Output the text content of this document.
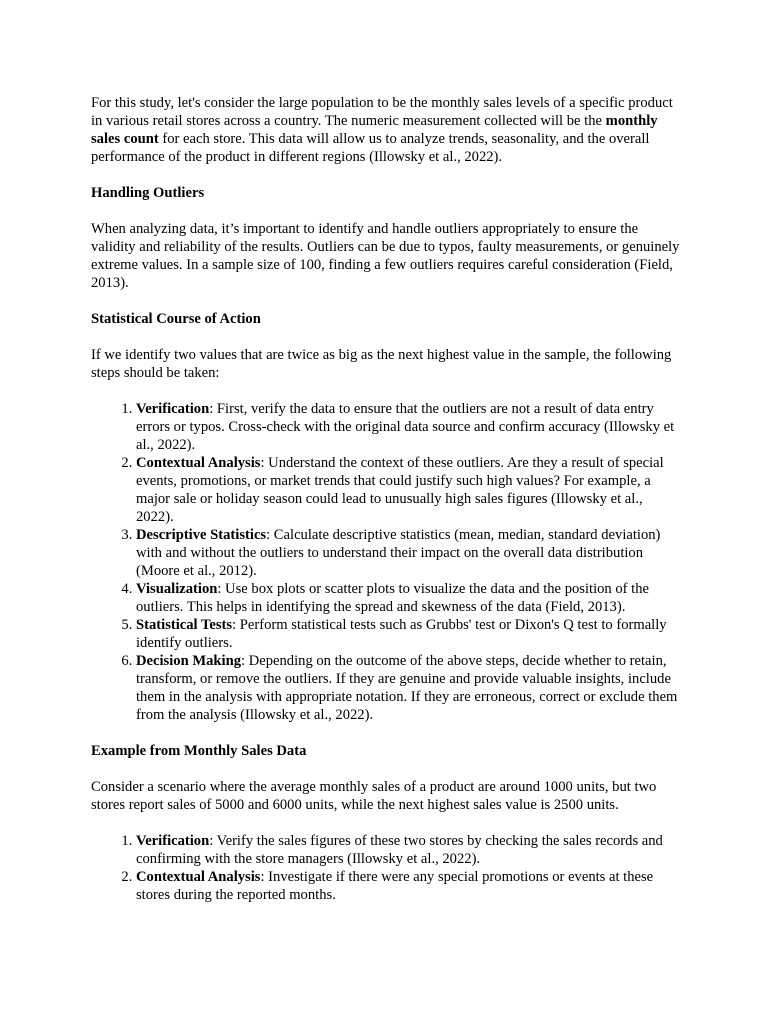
For this study, let's consider the large population to be the monthly sales levels of a specific product in various retail stores across a country. The numeric measurement collected will be the monthly sales count for each store. This data will allow us to analyze trends, seasonality, and the overall performance of the product in different regions (Illowsky et al., 2022).

Handling Outliers

When analyzing data, it’s important to identify and handle outliers appropriately to ensure the validity and reliability of the results. Outliers can be due to typos, faulty measurements, or genuinely extreme values. In a sample size of 100, finding a few outliers requires careful consideration (Field, 2013).

Statistical Course of Action

If we identify two values that are twice as big as the next highest value in the sample, the following steps should be taken:

1. Verification: First, verify the data to ensure that the outliers are not a result of data entry errors or typos. Cross-check with the original data source and confirm accuracy (Illowsky et al., 2022).
2. Contextual Analysis: Understand the context of these outliers. Are they a result of special events, promotions, or market trends that could justify such high values? For example, a major sale or holiday season could lead to unusually high sales figures (Illowsky et al., 2022).
3. Descriptive Statistics: Calculate descriptive statistics (mean, median, standard deviation) with and without the outliers to understand their impact on the overall data distribution (Moore et al., 2012).
4. Visualization: Use box plots or scatter plots to visualize the data and the position of the outliers. This helps in identifying the spread and skewness of the data (Field, 2013).
5. Statistical Tests: Perform statistical tests such as Grubbs' test or Dixon's Q test to formally identify outliers.
6. Decision Making: Depending on the outcome of the above steps, decide whether to retain, transform, or remove the outliers. If they are genuine and provide valuable insights, include them in the analysis with appropriate notation. If they are erroneous, correct or exclude them from the analysis (Illowsky et al., 2022).
Example from Monthly Sales Data

Consider a scenario where the average monthly sales of a product are around 1000 units, but two stores report sales of 5000 and 6000 units, while the next highest sales value is 2500 units.

1. Verification: Verify the sales figures of these two stores by checking the sales records and confirming with the store managers (Illowsky et al., 2022).
2. Contextual Analysis: Investigate if there were any special promotions or events at these stores during the reported months.
